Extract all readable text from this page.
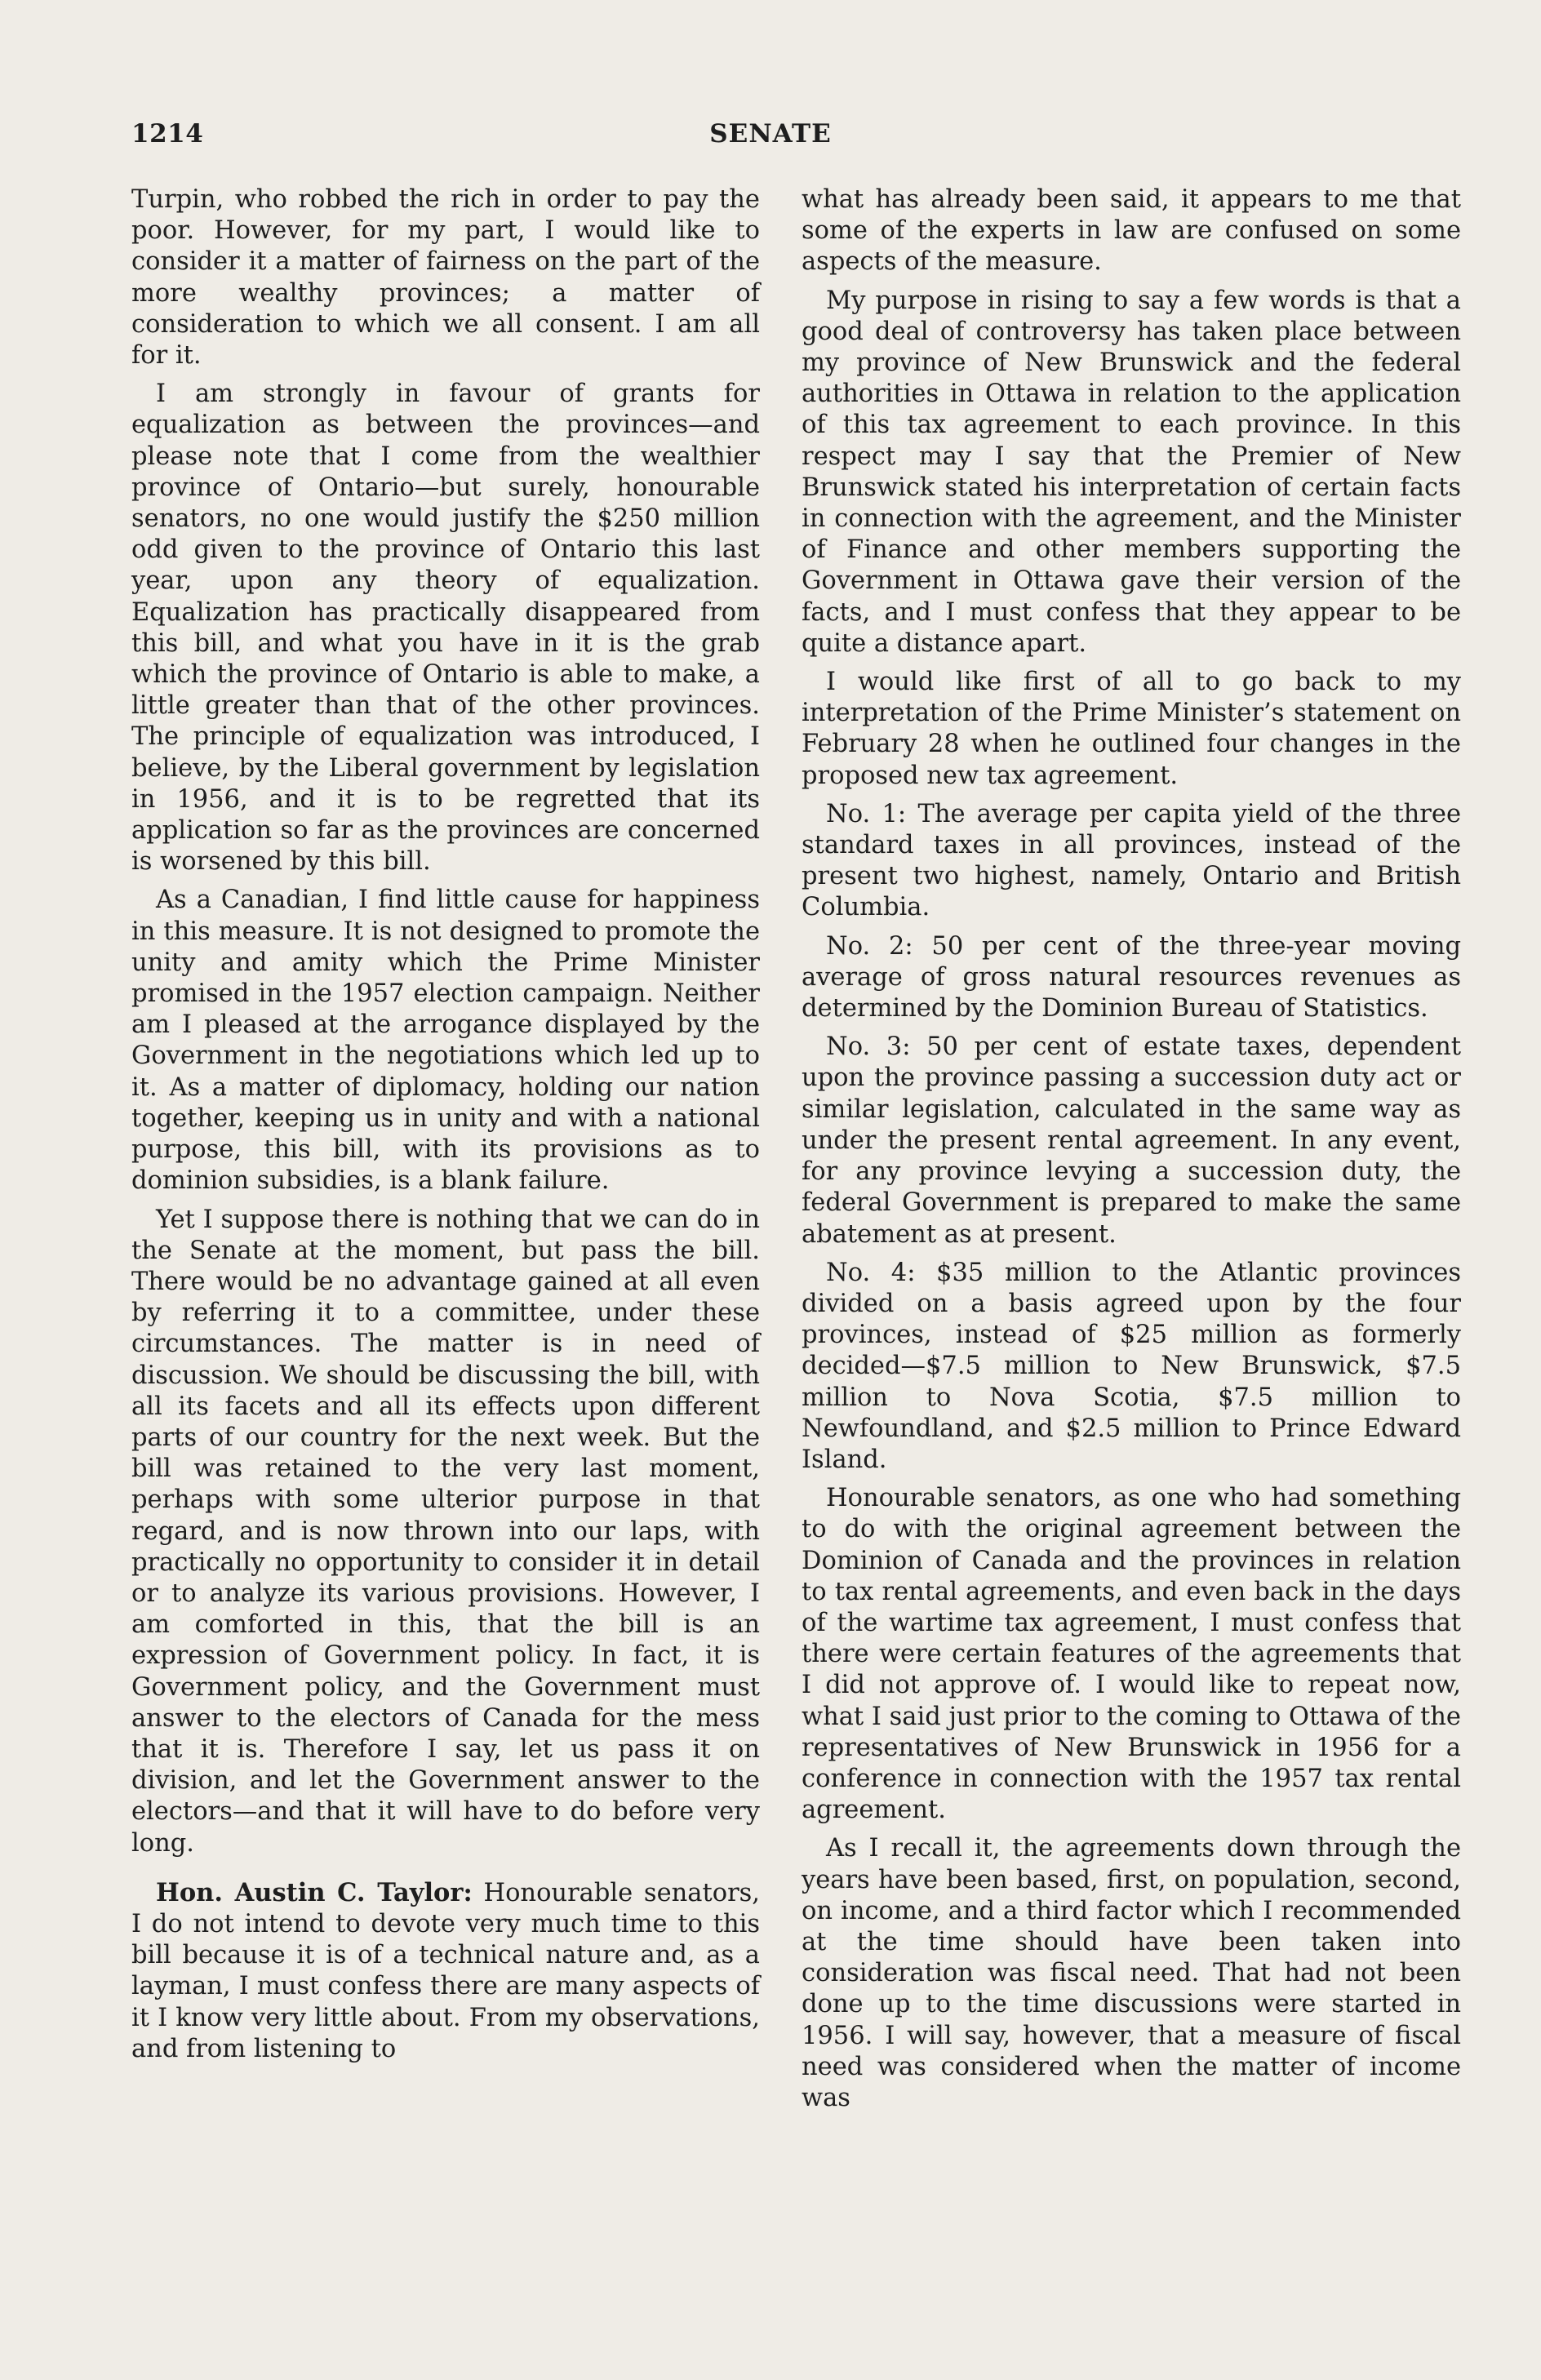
1214	SENATE

Turpin, who robbed the rich in order to pay the poor. However, for my part, I would like to consider it a matter of fairness on the part of the more wealthy provinces; a matter of consideration to which we all consent. I am all for it.

I am strongly in favour of grants for equalization as between the provinces—and please note that I come from the wealthier province of Ontario—but surely, honourable senators, no one would justify the $250 million odd given to the province of Ontario this last year, upon any theory of equalization. Equalization has practically disappeared from this bill, and what you have in it is the grab which the province of Ontario is able to make, a little greater than that of the other provinces. The principle of equalization was introduced, I believe, by the Liberal government by legislation in 1956, and it is to be regretted that its application so far as the provinces are concerned is worsened by this bill.

As a Canadian, I find little cause for happiness in this measure. It is not designed to promote the unity and amity which the Prime Minister promised in the 1957 election campaign. Neither am I pleased at the arrogance displayed by the Government in the negotiations which led up to it. As a matter of diplomacy, holding our nation together, keeping us in unity and with a national purpose, this bill, with its provisions as to dominion subsidies, is a blank failure.

Yet I suppose there is nothing that we can do in the Senate at the moment, but pass the bill. There would be no advantage gained at all even by referring it to a committee, under these circumstances. The matter is in need of discussion. We should be discussing the bill, with all its facets and all its effects upon different parts of our country for the next week. But the bill was retained to the very last moment, perhaps with some ulterior purpose in that regard, and is now thrown into our laps, with practically no opportunity to consider it in detail or to analyze its various provisions. However, I am comforted in this, that the bill is an expression of Government policy. In fact, it is Government policy, and the Government must answer to the electors of Canada for the mess that it is. Therefore I say, let us pass it on division, and let the Government answer to the electors—and that it will have to do before very long.

Hon. Austin C. Taylor: Honourable senators, I do not intend to devote very much time to this bill because it is of a technical nature and, as a layman, I must confess there are many aspects of it I know very little about. From my observations, and from listening to

what has already been said, it appears to me that some of the experts in law are confused on some aspects of the measure.

My purpose in rising to say a few words is that a good deal of controversy has taken place between my province of New Brunswick and the federal authorities in Ottawa in relation to the application of this tax agreement to each province. In this respect may I say that the Premier of New Brunswick stated his interpretation of certain facts in connection with the agreement, and the Minister of Finance and other members supporting the Government in Ottawa gave their version of the facts, and I must confess that they appear to be quite a distance apart.

I would like first of all to go back to my interpretation of the Prime Minister’s statement on February 28 when he outlined four changes in the proposed new tax agreement.

No. 1: The average per capita yield of the three standard taxes in all provinces, instead of the present two highest, namely, Ontario and British Columbia.

No. 2: 50 per cent of the three-year moving average of gross natural resources revenues as determined by the Dominion Bureau of Statistics.

No. 3: 50 per cent of estate taxes, dependent upon the province passing a succession duty act or similar legislation, calculated in the same way as under the present rental agreement. In any event, for any province levying a succession duty, the federal Government is prepared to make the same abatement as at present.

No. 4: $35 million to the Atlantic provinces divided on a basis agreed upon by the four provinces, instead of $25 million as formerly decided—$7.5 million to New Brunswick, $7.5 million to Nova Scotia, $7.5 million to Newfoundland, and $2.5 million to Prince Edward Island.

Honourable senators, as one who had something to do with the original agreement between the Dominion of Canada and the provinces in relation to tax rental agreements, and even back in the days of the wartime tax agreement, I must confess that there were certain features of the agreements that I did not approve of. I would like to repeat now, what I said just prior to the coming to Ottawa of the representatives of New Brunswick in 1956 for a conference in connection with the 1957 tax rental agreement.

As I recall it, the agreements down through the years have been based, first, on population, second, on income, and a third factor which I recommended at the time should have been taken into consideration was fiscal need. That had not been done up to the time discussions were started in 1956. I will say, however, that a measure of fiscal need was considered when the matter of income was
